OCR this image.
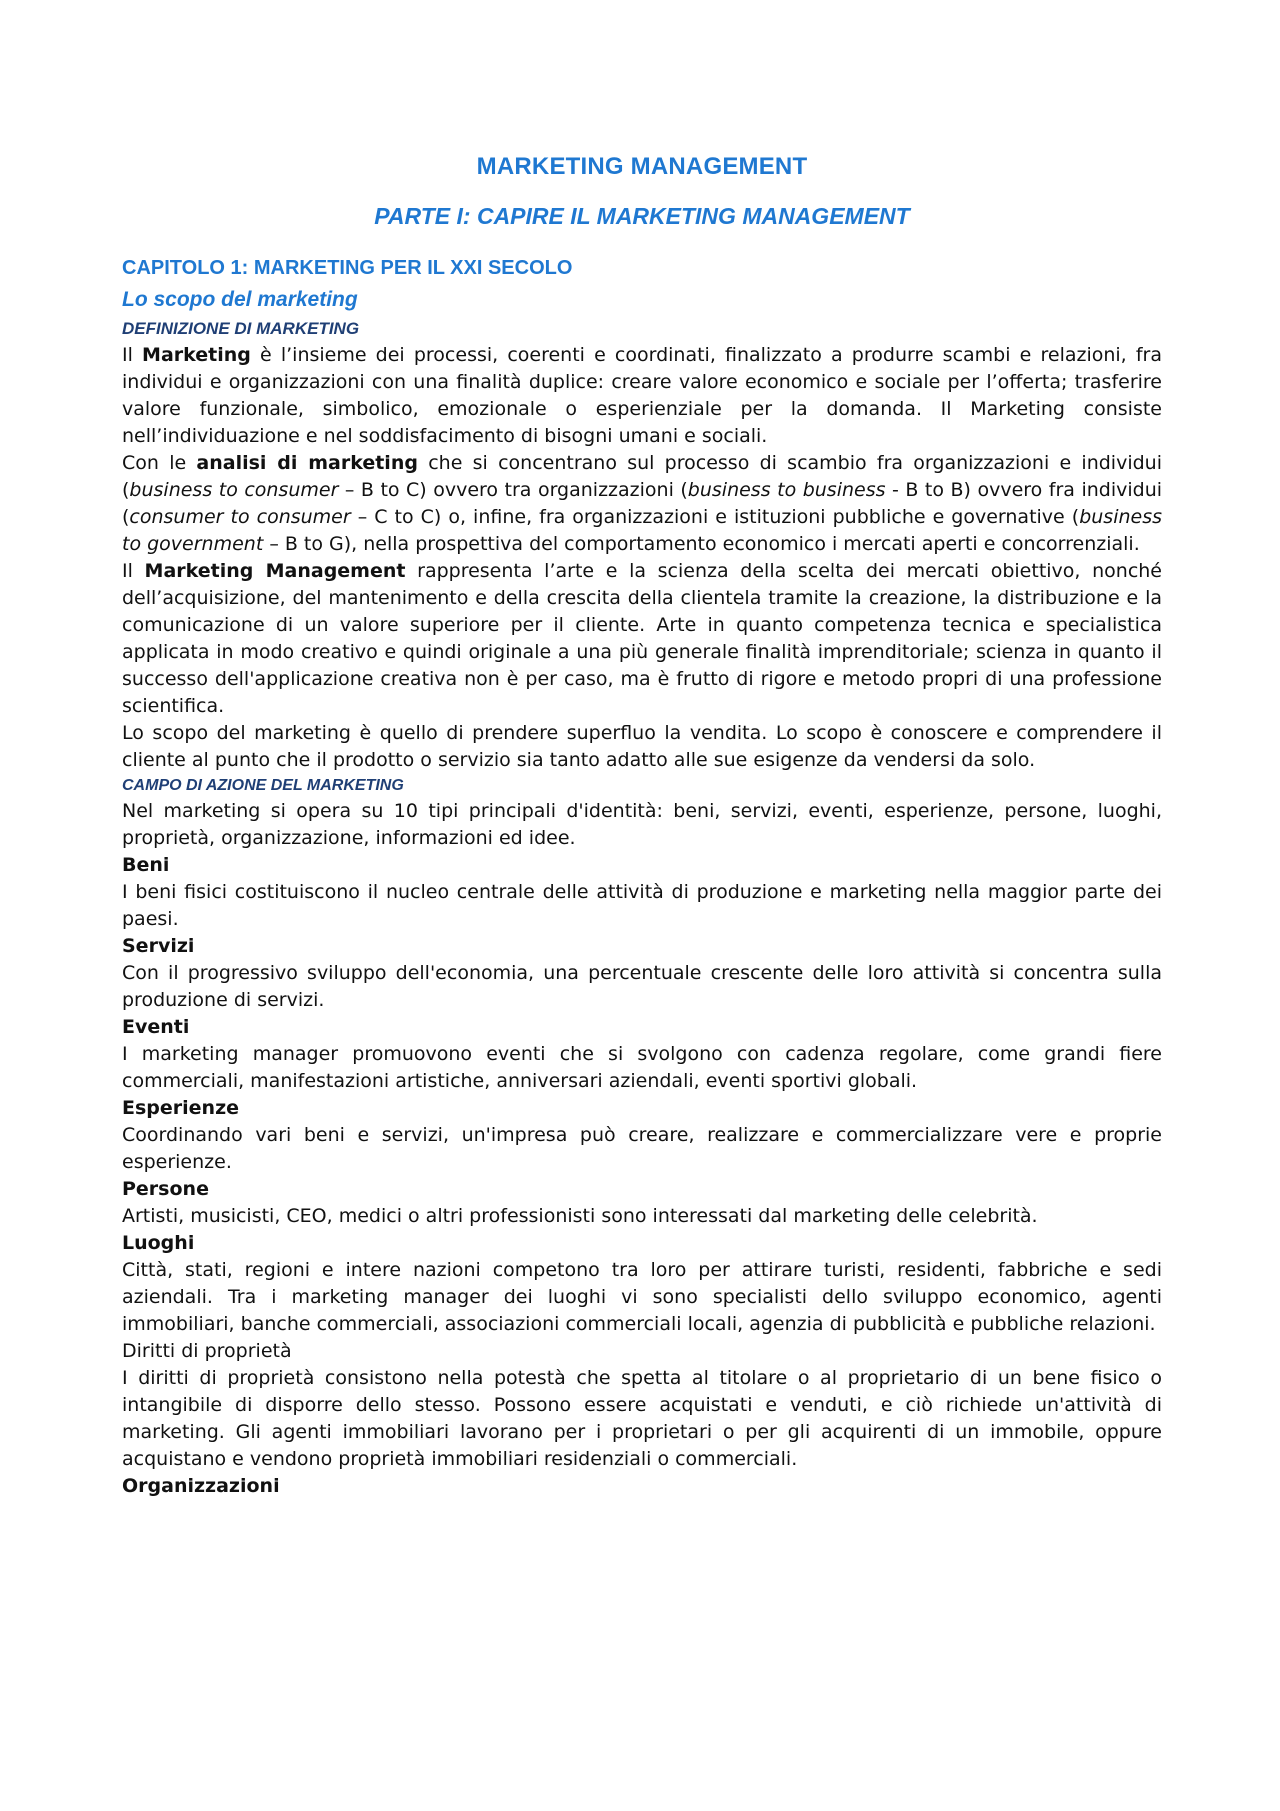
MARKETING MANAGEMENT
PARTE I: CAPIRE IL MARKETING MANAGEMENT
CAPITOLO 1: MARKETING PER IL XXI SECOLO
Lo scopo del marketing
DEFINIZIONE DI MARKETING

Il Marketing è l’insieme dei processi, coerenti e coordinati, finalizzato a produrre scambi e relazioni, fra individui e organizzazioni con una finalità duplice: creare valore economico e sociale per l’offerta; trasferire valore funzionale, simbolico, emozionale o esperienziale per la domanda. Il Marketing consiste nell’individuazione e nel soddisfacimento di bisogni umani e sociali.

Con le analisi di marketing che si concentrano sul processo di scambio fra organizzazioni e individui (business to consumer – B to C) ovvero tra organizzazioni (business to business - B to B) ovvero fra individui (consumer to consumer – C to C) o, infine, fra organizzazioni e istituzioni pubbliche e governative (business to government – B to G), nella prospettiva del comportamento economico i mercati aperti e concorrenziali.

Il Marketing Management rappresenta l’arte e la scienza della scelta dei mercati obiettivo, nonché dell’acquisizione, del mantenimento e della crescita della clientela tramite la creazione, la distribuzione e la comunicazione di un valore superiore per il cliente. Arte in quanto competenza tecnica e specialistica applicata in modo creativo e quindi originale a una più generale finalità imprenditoriale; scienza in quanto il successo dell'applicazione creativa non è per caso, ma è frutto di rigore e metodo propri di una professione scientifica.

Lo scopo del marketing è quello di prendere superfluo la vendita. Lo scopo è conoscere e comprendere il cliente al punto che il prodotto o servizio sia tanto adatto alle sue esigenze da vendersi da solo.

CAMPO DI AZIONE DEL MARKETING

Nel marketing si opera su 10 tipi principali d'identità: beni, servizi, eventi, esperienze, persone, luoghi, proprietà, organizzazione, informazioni ed idee.

Beni

I beni fisici costituiscono il nucleo centrale delle attività di produzione e marketing nella maggior parte dei paesi.

Servizi

Con il progressivo sviluppo dell'economia, una percentuale crescente delle loro attività si concentra sulla produzione di servizi.

Eventi

I marketing manager promuovono eventi che si svolgono con cadenza regolare, come grandi fiere commerciali, manifestazioni artistiche, anniversari aziendali, eventi sportivi globali.

Esperienze

Coordinando vari beni e servizi, un'impresa può creare, realizzare e commercializzare vere e proprie esperienze.

Persone

Artisti, musicisti, CEO, medici o altri professionisti sono interessati dal marketing delle celebrità.

Luoghi

Città, stati, regioni e intere nazioni competono tra loro per attirare turisti, residenti, fabbriche e sedi aziendali. Tra i marketing manager dei luoghi vi sono specialisti dello sviluppo economico, agenti immobiliari, banche commerciali, associazioni commerciali locali, agenzia di pubblicità e pubbliche relazioni.

Diritti di proprietà

I diritti di proprietà consistono nella potestà che spetta al titolare o al proprietario di un bene fisico o intangibile di disporre dello stesso. Possono essere acquistati e venduti, e ciò richiede un'attività di marketing. Gli agenti immobiliari lavorano per i proprietari o per gli acquirenti di un immobile, oppure acquistano e vendono proprietà immobiliari residenziali o commerciali.

Organizzazioni
